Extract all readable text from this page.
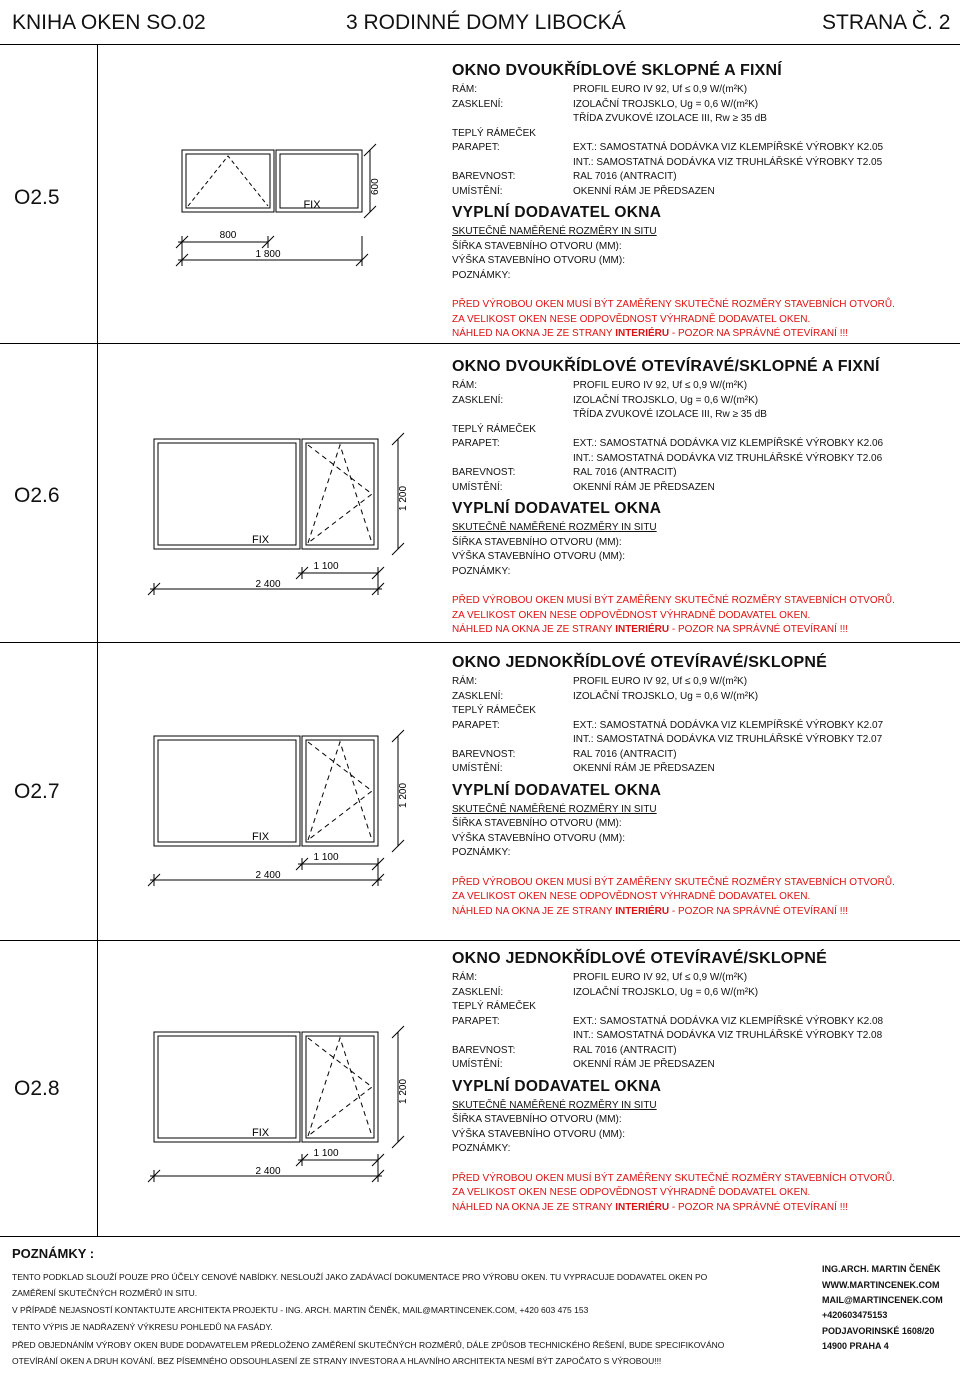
KNIHA OKEN SO.02	3 RODINNÉ DOMY LIBOCKÁ	STRANA Č. 2
O2.5	FIX
600
800
1 800
OKNO DVOUKŘÍDLOVÉ SKLOPNÉ A FIXNÍ
RÁM:	PROFIL EURO IV 92, Uf ≤ 0,9 W/(m²K)
ZASKLENÍ:	IZOLAČNÍ TROJSKLO, Ug = 0,6 W/(m²K)
TŘÍDA ZVUKOVÉ IZOLACE III, Rw ≥ 35 dB
TEPLÝ RÁMEČEK
PARAPET:	EXT.: SAMOSTATNÁ DODÁVKA VIZ KLEMPÍŘSKÉ VÝROBKY K2.05
INT.: SAMOSTATNÁ DODÁVKA VIZ TRUHLÁŘSKÉ VÝROBKY T2.05
BAREVNOST:	RAL 7016 (ANTRACIT)
UMÍSTĚNÍ:	OKENNÍ RÁM JE PŘEDSAZEN
VYPLNÍ DODAVATEL OKNA
SKUTEČNĚ NAMĚŘENÉ ROZMĚRY IN SITU
ŠÍŘKA STAVEBNÍHO OTVORU (MM):
VÝŠKA STAVEBNÍHO OTVORU (MM):
POZNÁMKY:
PŘED VÝROBOU OKEN MUSÍ BÝT ZAMĚŘENY SKUTEČNÉ ROZMĚRY STAVEBNÍCH OTVORŮ.
ZA VELIKOST OKEN NESE ODPOVĚDNOST VÝHRADNĚ DODAVATEL OKEN.
NÁHLED NA OKNA JE ZE STRANY INTERIÉRU - POZOR NA SPRÁVNÉ OTEVÍRANÍ !!!
O2.6
FIX
1 200
1 100
2 400
OKNO DVOUKŘÍDLOVÉ OTEVÍRAVÉ/SKLOPNÉ A FIXNÍ
RÁM:	PROFIL EURO IV 92, Uf ≤ 0,9 W/(m²K)
ZASKLENÍ:	IZOLAČNÍ TROJSKLO, Ug = 0,6 W/(m²K)
TŘÍDA ZVUKOVÉ IZOLACE III, Rw ≥ 35 dB
TEPLÝ RÁMEČEK
PARAPET:	EXT.: SAMOSTATNÁ DODÁVKA VIZ KLEMPÍŘSKÉ VÝROBKY K2.06
INT.: SAMOSTATNÁ DODÁVKA VIZ TRUHLÁŘSKÉ VÝROBKY T2.06
BAREVNOST:	RAL 7016 (ANTRACIT)
UMÍSTĚNÍ:	OKENNÍ RÁM JE PŘEDSAZEN
VYPLNÍ DODAVATEL OKNA
SKUTEČNĚ NAMĚŘENÉ ROZMĚRY IN SITU
ŠÍŘKA STAVEBNÍHO OTVORU (MM):
VÝŠKA STAVEBNÍHO OTVORU (MM):
POZNÁMKY:
PŘED VÝROBOU OKEN MUSÍ BÝT ZAMĚŘENY SKUTEČNÉ ROZMĚRY STAVEBNÍCH OTVORŮ.
ZA VELIKOST OKEN NESE ODPOVĚDNOST VÝHRADNĚ DODAVATEL OKEN.
NÁHLED NA OKNA JE ZE STRANY INTERIÉRU - POZOR NA SPRÁVNÉ OTEVÍRANÍ !!!
O2.7
FIX
1 200
1 100
2 400
OKNO JEDNOKŘÍDLOVÉ OTEVÍRAVÉ/SKLOPNÉ
RÁM:	PROFIL EURO IV 92, Uf ≤ 0,9 W/(m²K)
ZASKLENÍ:	IZOLAČNÍ TROJSKLO, Ug = 0,6 W/(m²K)
TEPLÝ RÁMEČEK
PARAPET:	EXT.: SAMOSTATNÁ DODÁVKA VIZ KLEMPÍŘSKÉ VÝROBKY K2.07
INT.: SAMOSTATNÁ DODÁVKA VIZ TRUHLÁŘSKÉ VÝROBKY T2.07
BAREVNOST:	RAL 7016 (ANTRACIT)
UMÍSTĚNÍ:	OKENNÍ RÁM JE PŘEDSAZEN
VYPLNÍ DODAVATEL OKNA
SKUTEČNĚ NAMĚŘENÉ ROZMĚRY IN SITU
ŠÍŘKA STAVEBNÍHO OTVORU (MM):
VÝŠKA STAVEBNÍHO OTVORU (MM):
POZNÁMKY:
PŘED VÝROBOU OKEN MUSÍ BÝT ZAMĚŘENY SKUTEČNÉ ROZMĚRY STAVEBNÍCH OTVORŮ.
ZA VELIKOST OKEN NESE ODPOVĚDNOST VÝHRADNĚ DODAVATEL OKEN.
NÁHLED NA OKNA JE ZE STRANY INTERIÉRU - POZOR NA SPRÁVNÉ OTEVÍRANÍ !!!
O2.8
FIX
1 200
1 100
2 400
OKNO JEDNOKŘÍDLOVÉ OTEVÍRAVÉ/SKLOPNÉ
RÁM:	PROFIL EURO IV 92, Uf ≤ 0,9 W/(m²K)
ZASKLENÍ:	IZOLAČNÍ TROJSKLO, Ug = 0,6 W/(m²K)
TEPLÝ RÁMEČEK
PARAPET:	EXT.: SAMOSTATNÁ DODÁVKA VIZ KLEMPÍŘSKÉ VÝROBKY K2.08
INT.: SAMOSTATNÁ DODÁVKA VIZ TRUHLÁŘSKÉ VÝROBKY T2.08
BAREVNOST:	RAL 7016 (ANTRACIT)
UMÍSTĚNÍ:	OKENNÍ RÁM JE PŘEDSAZEN
VYPLNÍ DODAVATEL OKNA
SKUTEČNĚ NAMĚŘENÉ ROZMĚRY IN SITU
ŠÍŘKA STAVEBNÍHO OTVORU (MM):
VÝŠKA STAVEBNÍHO OTVORU (MM):
POZNÁMKY:
PŘED VÝROBOU OKEN MUSÍ BÝT ZAMĚŘENY SKUTEČNÉ ROZMĚRY STAVEBNÍCH OTVORŮ.
ZA VELIKOST OKEN NESE ODPOVĚDNOST VÝHRADNĚ DODAVATEL OKEN.
NÁHLED NA OKNA JE ZE STRANY INTERIÉRU - POZOR NA SPRÁVNÉ OTEVÍRANÍ !!!
POZNÁMKY :
TENTO PODKLAD SLOUŽÍ POUZE PRO ÚČELY CENOVÉ NABÍDKY. NESLOUŽÍ JAKO ZADÁVACÍ DOKUMENTACE PRO VÝROBU OKEN. TU VYPRACUJE DODAVATEL OKEN PO
ZAMĚŘENÍ SKUTEČNÝCH ROZMĚRŮ IN SITU.
V PŘÍPADĚ NEJASNOSTÍ KONTAKTUJTE ARCHITEKTA PROJEKTU - ING. ARCH. MARTIN ČENĚK, MAIL@MARTINCENEK.COM, +420 603 475 153
TENTO VÝPIS JE NADŘAZENÝ VÝKRESU POHLEDŮ NA FASÁDY.
PŘED OBJEDNÁNÍM VÝROBY OKEN BUDE DODAVATELEM PŘEDLOŽENO ZAMĚŘENÍ SKUTEČNÝCH ROZMĚRŮ, DÁLE ZPŮSOB TECHNICKÉHO ŘEŠENÍ, BUDE SPECIFIKOVÁNO
OTEVÍRÁNÍ OKEN A DRUH KOVÁNÍ. BEZ PÍSEMNÉHO ODSOUHLASENÍ ZE STRANY INVESTORA A HLAVNÍHO ARCHITEKTA NESMÍ BÝT ZAPOČATO S VÝROBOU!!!
ING.ARCH. MARTIN ČENĚK
WWW.MARTINCENEK.COM
MAIL@MARTINCENEK.COM
+420603475153
PODJAVORINSKÉ 1608/20
14900 PRAHA 4
